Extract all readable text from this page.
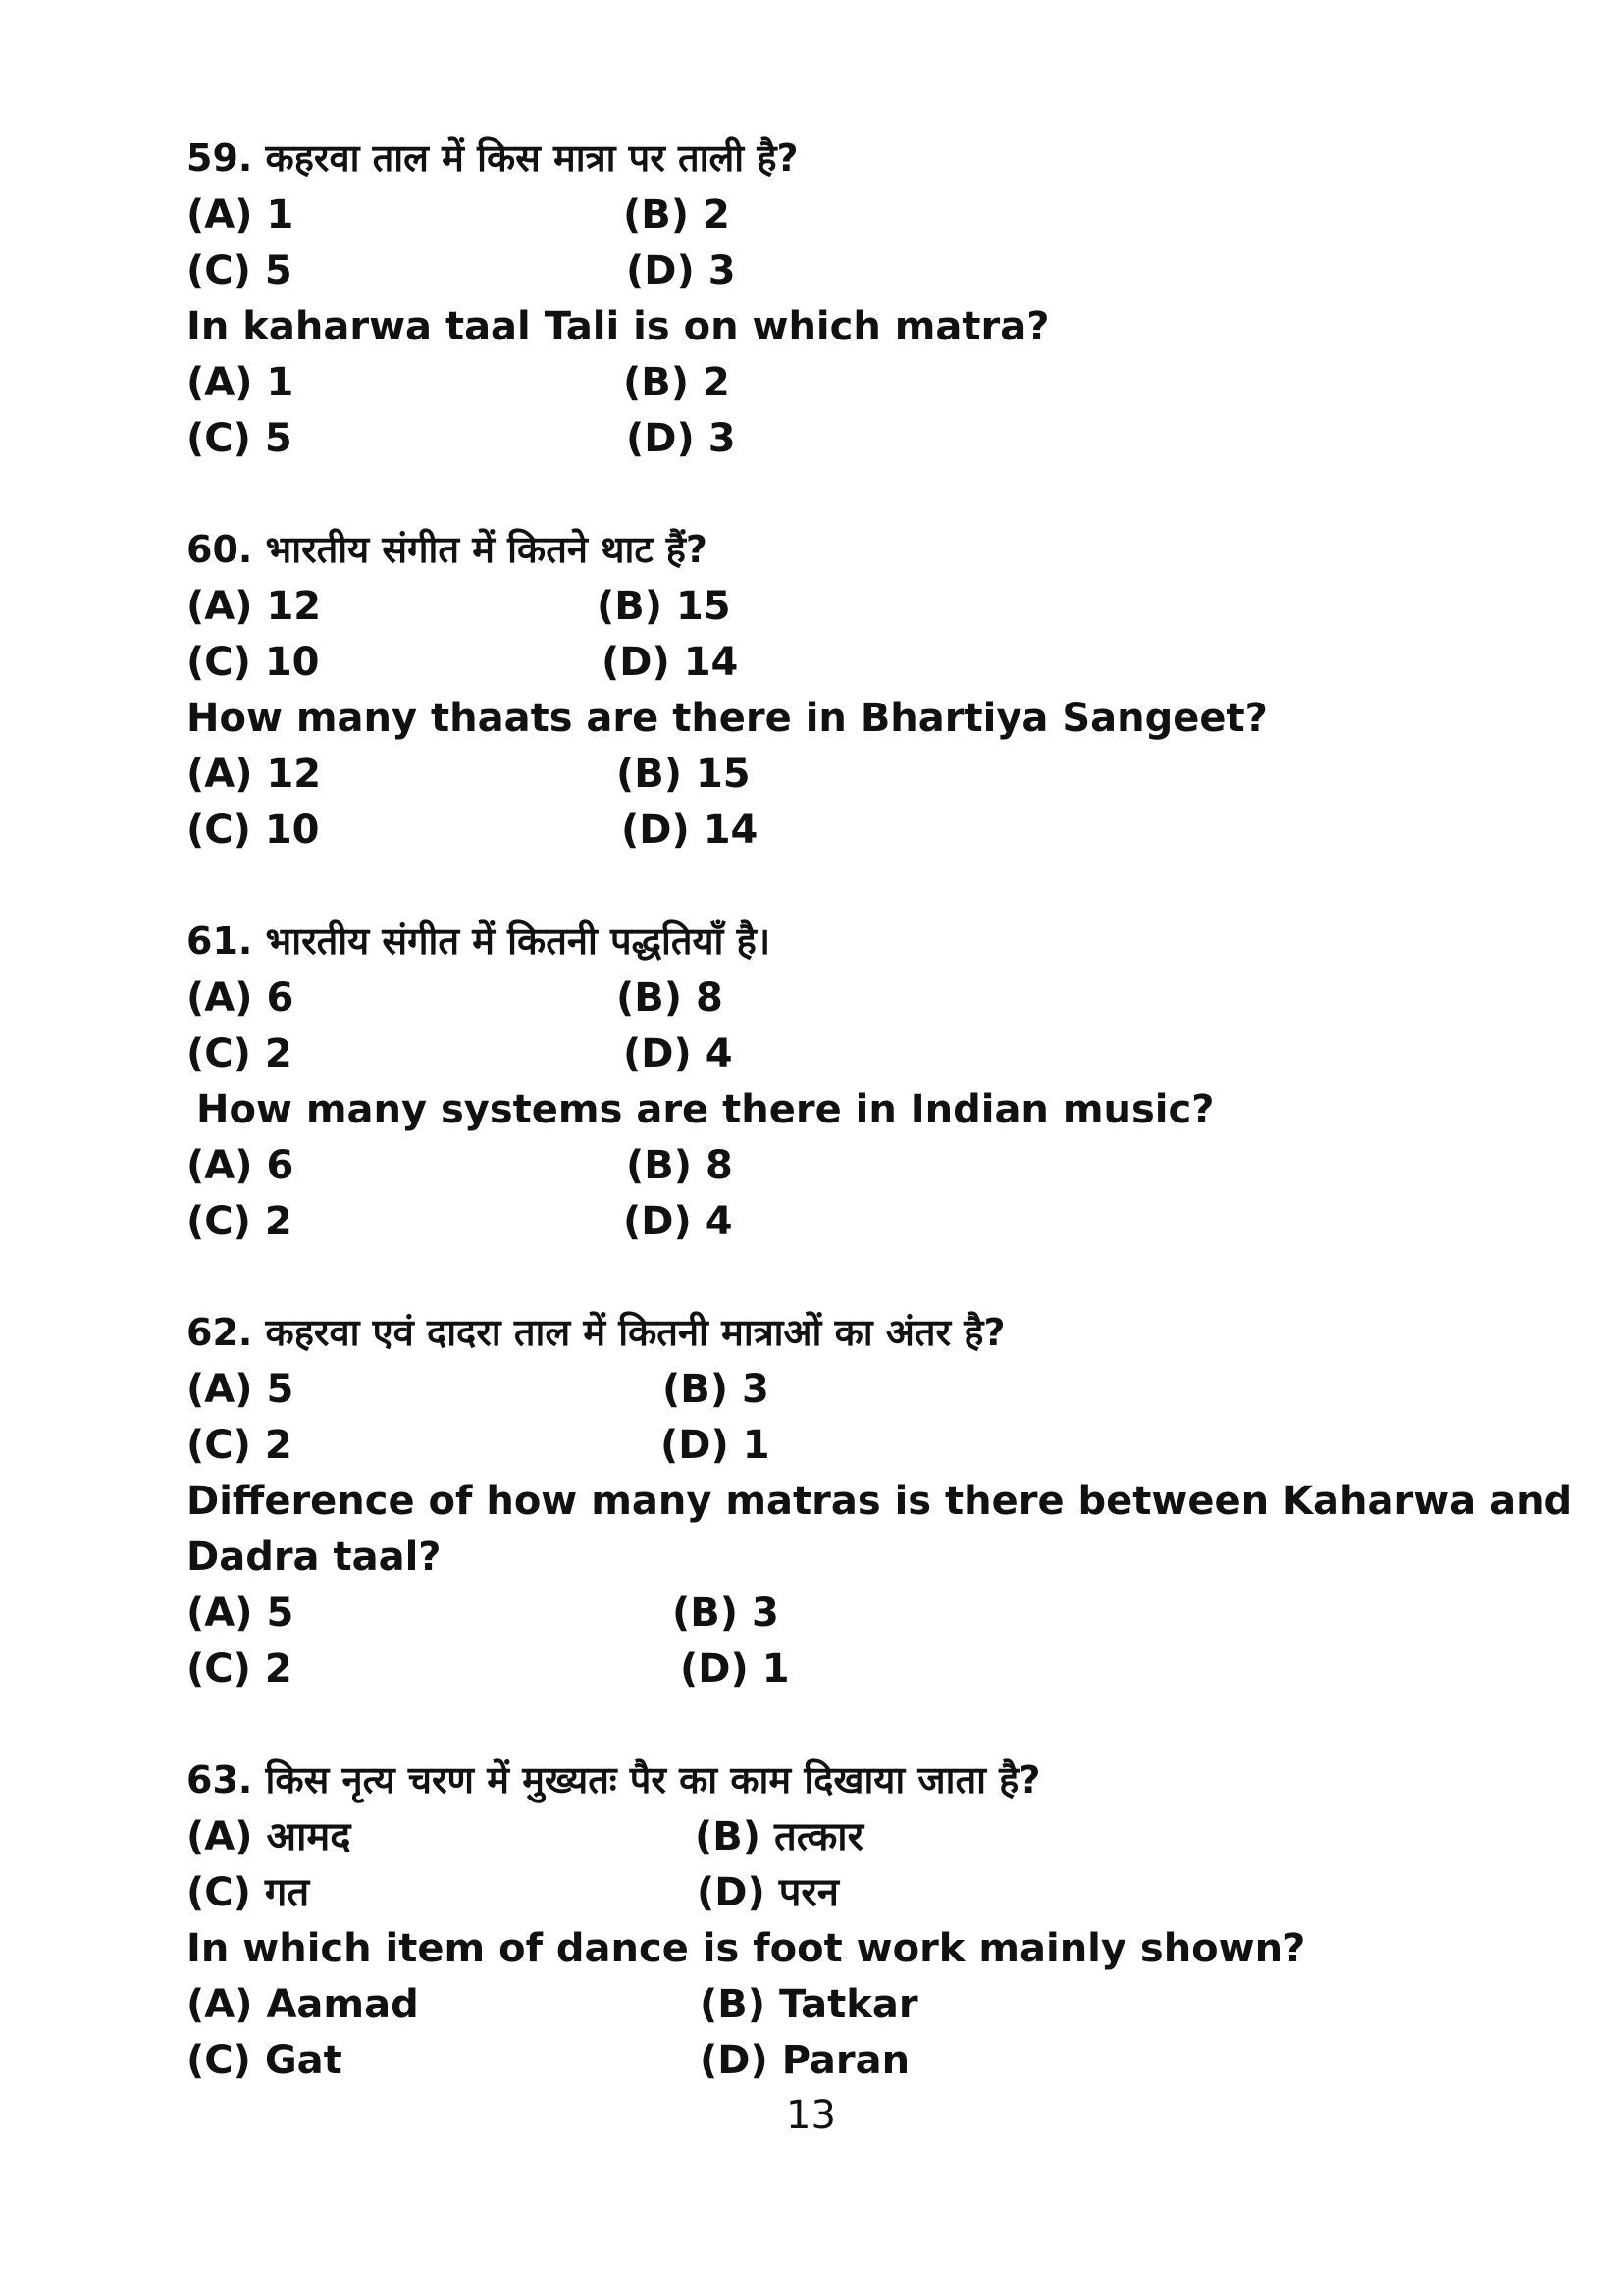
59. कहरवा ताल में किस मात्रा पर ताली है?
(A) 1	(B) 2
(C) 5	(D) 3
In kaharwa taal Tali is on which matra?
(A) 1	(B) 2
(C) 5	(D) 3
60. भारतीय संगीत में कितने थाट हैं?
(A) 12	(B) 15
(C) 10	(D) 14
How many thaats are there in Bhartiya Sangeet?
(A) 12	(B) 15
(C) 10	(D) 14
61. भारतीय संगीत में कितनी पद्धतियाँ है।
(A) 6	(B) 8
(C) 2	(D) 4
How many systems are there in Indian music?
(A) 6	(B) 8
(C) 2	(D) 4
62. कहरवा एवं दादरा ताल में कितनी मात्राओं का अंतर है?
(A) 5	(B) 3
(C) 2	(D) 1
Difference of how many matras is there between Kaharwa and
Dadra taal?
(A) 5	(B) 3
(C) 2	(D) 1
63. किस नृत्य चरण में मुख्यतः पैर का काम दिखाया जाता है?
(A) आमद	(B) तत्कार
(C) गत	(D) परन
In which item of dance is foot work mainly shown?
(A) Aamad	(B) Tatkar
(C) Gat	(D) Paran
13
